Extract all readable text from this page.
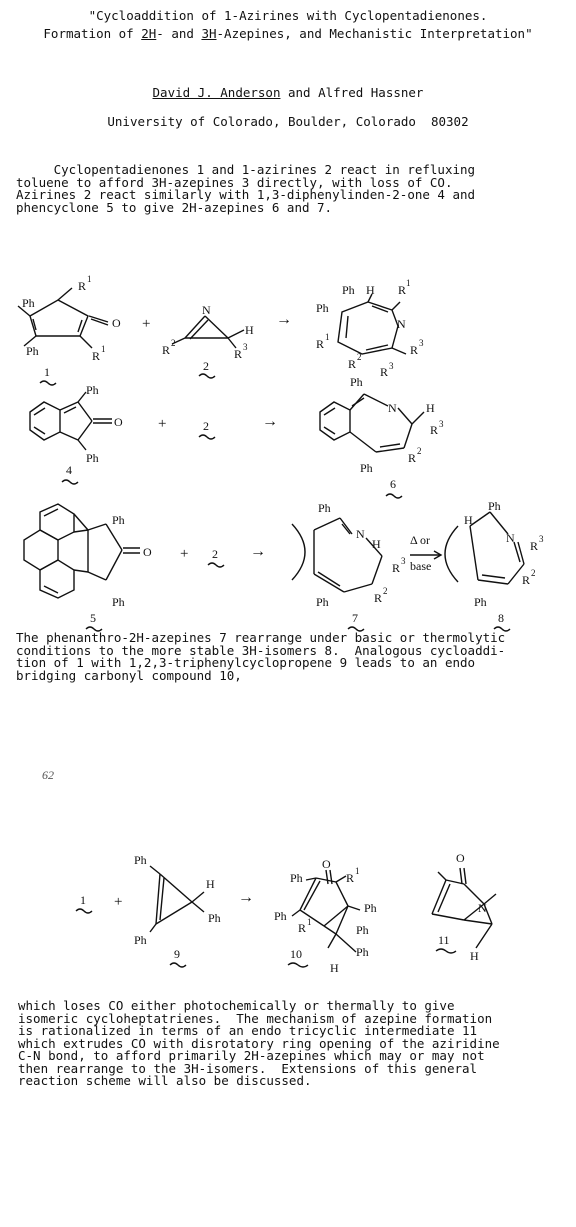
"Cycloaddition of 1-Azirines with Cyclopentadienones.
Formation of 2H- and 3H-Azepines, and Mechanistic Interpretation"
David J. Anderson and Alfred Hassner
University of Colorado, Boulder, Colorado  80302
Cyclopentadienones 1 and 1-azirines 2 react in refluxing
toluene to afford 3H-azepines 3 directly, with loss of CO.
Azirines 2 react similarly with 1,3-diphenylinden-2-one 4 and
phencyclone 5 to give 2H-azepines 6 and 7.
Ph
R 1
O
Ph	R 1
1
+
N
R 2
H
R 3
2
→
Ph H R 1
Ph
N
R 1
R 3
R 2
Ph
O
Ph
4
+	2	→
Ph
R 3
N H
R 3
Ph
R 2
6
Ph
O
Ph
5
+ 2 →
Ph
N
H
R 3
Ph	R 2
7
Δ or
base
Ph
H
N
R 3
R 2
Ph
8
The phenanthro-2H-azepines 7 rearrange under basic or thermolytic
conditions to the more stable 3H-isomers 8.  Analogous cycloaddi-
tion of 1 with 1,2,3-triphenylcyclopropene 9 leads to an endo
bridging carbonyl compound 10,
62
1 +
Ph
H
Ph
Ph
9
→
O
Ph	R 1
Ph
Ph
R 1
Ph
Ph
H
10
O
N
H
11
which loses CO either photochemically or thermally to give
isomeric cycloheptatrienes.  The mechanism of azepine formation
is rationalized in terms of an endo tricyclic intermediate 11
which extrudes CO with disrotatory ring opening of the aziridine
C-N bond, to afford primarily 2H-azepines which may or may not
then rearrange to the 3H-isomers.  Extensions of this general
reaction scheme will also be discussed.
